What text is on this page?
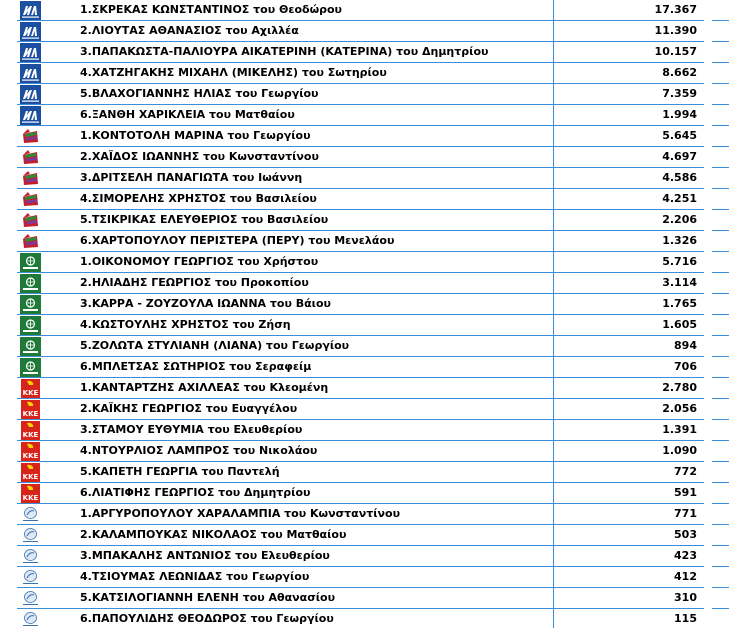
1.ΣΚΡΕΚΑΣ ΚΩΝΣΤΑΝΤΙΝΟΣ του Θεοδώρου	17.367
2.ΛΙΟΥΤΑΣ ΑΘΑΝΑΣΙΟΣ του Αχιλλέα	11.390
3.ΠΑΠΑΚΩΣΤΑ-ΠΑΛΙΟΥΡΑ ΑΙΚΑΤΕΡΙΝΗ (ΚΑΤΕΡΙΝΑ) του Δημητρίου	10.157
4.ΧΑΤΖΗΓΑΚΗΣ ΜΙΧΑΗΛ (ΜΙΚΕΛΗΣ) του Σωτηρίου	8.662
5.ΒΛΑΧΟΓΙΑΝΝΗΣ ΗΛΙΑΣ του Γεωργίου	7.359
6.ΞΑΝΘΗ ΧΑΡΙΚΛΕΙΑ του Ματθαίου	1.994
1.ΚΟΝΤΟΤΟΛΗ ΜΑΡΙΝΑ του Γεωργίου	5.645
2.ΧΑΪΔΟΣ ΙΩΑΝΝΗΣ του Κωνσταντίνου	4.697
3.ΔΡΙΤΣΕΛΗ ΠΑΝΑΓΙΩΤΑ του Ιωάννη	4.586
4.ΣΙΜΟΡΕΛΗΣ ΧΡΗΣΤΟΣ του Βασιλείου	4.251
5.ΤΣΙΚΡΙΚΑΣ ΕΛΕΥΘΕΡΙΟΣ του Βασιλείου	2.206
6.ΧΑΡΤΟΠΟΥΛΟΥ ΠΕΡΙΣΤΕΡΑ (ΠΕΡΥ) του Μενελάου	1.326
1.ΟΙΚΟΝΟΜΟΥ ΓΕΩΡΓΙΟΣ του Χρήστου	5.716
2.ΗΛΙΑΔΗΣ ΓΕΩΡΓΙΟΣ του Προκοπίου	3.114
3.ΚΑΡΡΑ - ΖΟΥΖΟΥΛΑ ΙΩΑΝΝΑ του Βάιου	1.765
4.ΚΩΣΤΟΥΛΗΣ ΧΡΗΣΤΟΣ του Ζήση	1.605
5.ΖΟΛΩΤΑ ΣΤΥΛΙΑΝΗ (ΛΙΑΝΑ) του Γεωργίου	894
6.ΜΠΛΕΤΣΑΣ ΣΩΤΗΡΙΟΣ του Σεραφείμ	706
KKE	1.ΚΑΝΤΑΡΤΖΗΣ ΑΧΙΛΛΕΑΣ του Κλεομένη	2.780
KKE	2.ΚΑΪΚΗΣ ΓΕΩΡΓΙΟΣ του Ευαγγέλου	2.056
KKE	3.ΣΤΑΜΟΥ ΕΥΘΥΜΙΑ του Ελευθερίου	1.391
KKE	4.ΝΤΟΥΡΛΙΟΣ ΛΑΜΠΡΟΣ του Νικολάου	1.090
KKE	5.ΚΑΠΕΤΗ ΓΕΩΡΓΙΑ του Παντελή	772
KKE	6.ΛΙΑΤΙΦΗΣ ΓΕΩΡΓΙΟΣ του Δημητρίου	591
1.ΑΡΓΥΡΟΠΟΥΛΟΥ ΧΑΡΑΛΑΜΠΙΑ του Κωνσταντίνου	771
2.ΚΑΛΑΜΠΟΥΚΑΣ ΝΙΚΟΛΑΟΣ του Ματθαίου	503
3.ΜΠΑΚΑΛΗΣ ΑΝΤΩΝΙΟΣ του Ελευθερίου	423
4.ΤΣΙΟΥΜΑΣ ΛΕΩΝΙΔΑΣ του Γεωργίου	412
5.ΚΑΤΣΙΛΟΓΙΑΝΝΗ ΕΛΕΝΗ του Αθανασίου	310
6.ΠΑΠΟΥΛΙΔΗΣ ΘΕΟΔΩΡΟΣ του Γεωργίου	115
